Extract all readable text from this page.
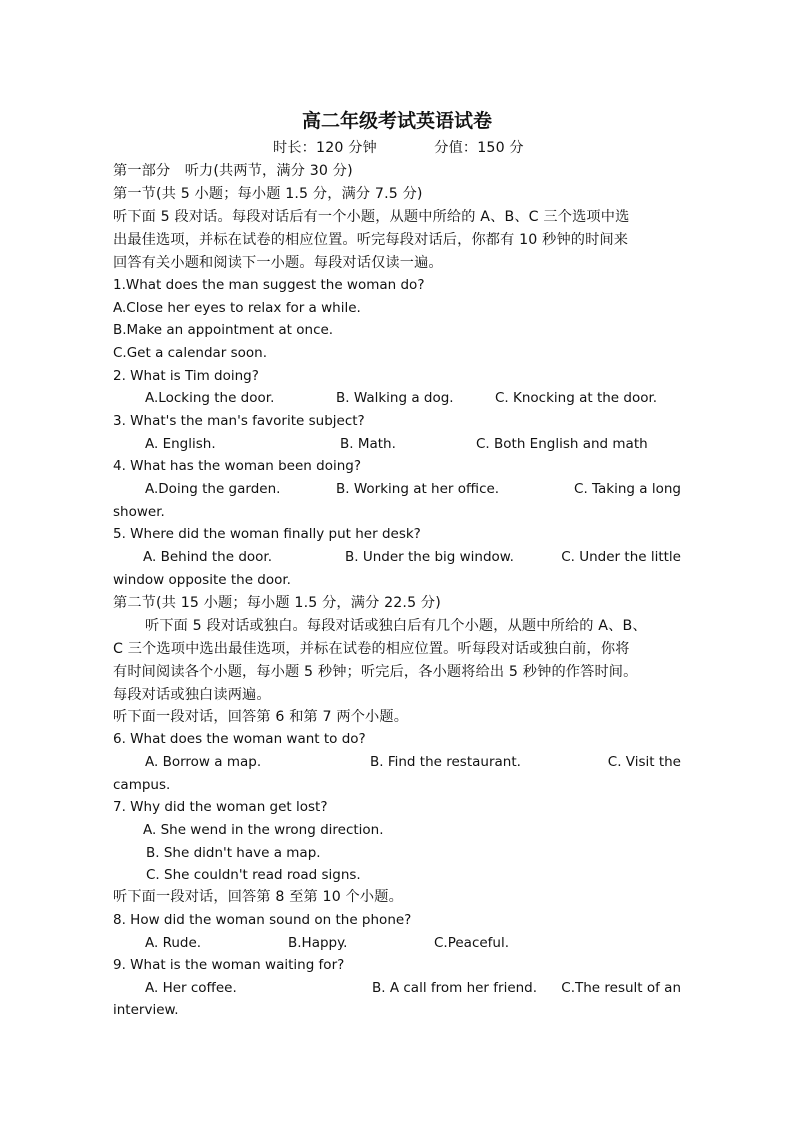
高二年级考试英语试卷
时长：120 分钟	分值：150 分
第一部分　听力(共两节，满分 30 分)
第一节(共 5 小题；每小题 1.5 分，满分 7.5 分)
听下面 5 段对话。每段对话后有一个小题，从题中所给的 A、B、C 三个选项中选
出最佳选项，并标在试卷的相应位置。听完每段对话后，你都有 10 秒钟的时间来
回答有关小题和阅读下一小题。每段对话仅读一遍。
1.What does the man suggest the woman do?
A.Close her eyes to relax for a while.
B.Make an appointment at once.
C.Get a calendar soon.
2. What is Tim doing?
A.Locking the door.	B. Walking a dog.	C. Knocking at the door.
3. What's the man's favorite subject?
A. English.	B. Math.	C. Both English and math
4. What has the woman been doing?
A.Doing the garden.	B. Working at her office.	C. Taking a long
shower.
5. Where did the woman finally put her desk?
A. Behind the door.	B. Under the big window.	C. Under the little
window opposite the door.
第二节(共 15 小题；每小题 1.5 分，满分 22.5 分)
听下面 5 段对话或独白。每段对话或独白后有几个小题，从题中所给的 A、B、
C 三个选项中选出最佳选项，并标在试卷的相应位置。听每段对话或独白前，你将
有时间阅读各个小题，每小题 5 秒钟；听完后，各小题将给出 5 秒钟的作答时间。
每段对话或独白读两遍。
听下面一段对话，回答第 6 和第 7 两个小题。
6. What does the woman want to do?
A. Borrow a map.	B. Find the restaurant.	C. Visit the
campus.
7. Why did the woman get lost?
A. She wend in the wrong direction.
B. She didn't have a map.
C. She couldn't read road signs.
听下面一段对话，回答第 8 至第 10 个小题。
8. How did the woman sound on the phone?
A. Rude.	B.Happy.	C.Peaceful.
9. What is the woman waiting for?
A. Her coffee.	B. A call from her friend. C.The result of an
interview.
